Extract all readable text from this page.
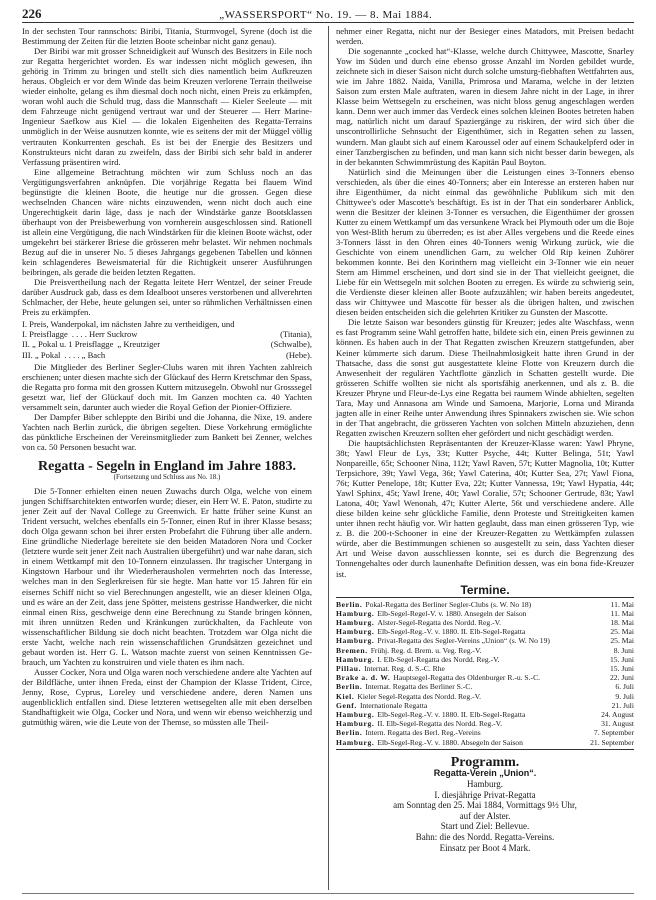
226	„WASSERSPORT“ No. 19. — 8. Mai 1884.

In der sechsten Tour rannschots: Biribi, Titania, Sturmvogel, Syrene (doch ist die Bestimmung der Zeiten für die letzten Boote scheinbar nicht ganz genau).

Der Biribi war mit grosser Schneidigkeit auf Wunsch des Besitzers in Eile noch zur Regatta hergerichtet worden. Es war indessen nicht möglich gewesen, ihn gehörig in Trimm zu bringen und stellt sich dies namentlich beim Aufkreuzen heraus. Obgleich er vor dem Winde das beim Kreuzen verlorene Terrain theilweise wieder einholte, gelang es ihm diesmal doch noch nicht, einen Preis zu erkämpfen, woran wohl auch die Schuld trug, dass die Mannschaft — Kieler Seeleute — mit dem Fahrzeuge nicht genügend vertraut war und der Steuerer — Herr Marine-Ingenieur Saefkow aus Kiel — die lokalen Eigenheiten des Regatta-Terrains unmöglich in der Weise ausnutzen konnte, wie es seitens der mit der Müggel völlig vertrauten Konkurrenten geschah. Es ist bei der Energie des Besitzers und Konstrukteurs nicht daran zu zweifeln, dass der Biribi sich sehr bald in anderer Verfassung präsentiren wird.

Eine allgemeine Betrachtung möchten wir zum Schluss noch an das Vergütigungsverfahren anknüpfen. Die vorjährige Regatta bei flauem Wind begünstigte die kleinen Boote, die heutige nur die grossen. Gegen diese wechselnden Chancen wäre nichts einzuwenden, wenn nicht doch auch eine Ungerechtigkeit darin läge, dass je nach der Windstärke ganze Bootsklassen überhaupt von der Preisbewerbung von vornherein ausgeschlossen sind. Rationell ist allein eine Vergütigung, die nach Windstärken für die kleinen Boote wächst, oder umgekehrt bei stärkerer Briese die grösseren mehr belastet. Wir nehmen nochmals Bezug auf die in unserer No. 5 dieses Jahrgangs gegebenen Tabellen und können kein schlagenderes Beweismaterial für die Richtigkeit unserer Ausführungen beibringen, als gerade die beiden letzten Regatten.

Die Preisvertheilung nach der Regatta leitete Herr Wentzel, der seiner Freude darüber Ausdruck gab, dass es dem Idealboot unseres verstorbenen und allverehrten Schlmacher, der Hebe, heute gelungen sei, unter so rühmlichen Verhältnissen einen Preis zu erkämpfen.

I. Preis, Wanderpokal, im nächsten Jahre zu vertheidigen, und
I. Preisflagge . . . . Herr Suckrow	(Titania),
II. „ Pokal u. 1 Preisflagge „ Kreutziger	(Schwalbe),
III. „ Pokal . . . . „ Bach	(Hebe).

Die Mitglieder des Berliner Segler-Clubs waren mit ihren Yachten zahlreich erschienen; unter diesen machte sich der Glückauf des Herrn Kretschmar den Spass, die Regatta pro forma mit den grossen Kuttern mitzusegeln. Obwohl nur Grosssegel gesetzt war, lief der Glückauf doch mit. Im Ganzen mochten ca. 40 Yachten versammelt sein, darunter auch wieder die Royal Gefion der Pionier-Offiziere.

Der Dampfer Biber schleppte den Biribi und die Johanna, die Nixe, 19. andere Yachten nach Berlin zurück, die übrigen segelten. Diese Vorkehrung ermöglichte das pünktliche Erscheinen der Vereinsmitglieder zum Bankett bei Zenner, welches von ca. 50 Personen besucht war.

Regatta - Segeln in England im Jahre 1883.
(Fortsetzung und Schluss aus No. 18.)

Die 5-Tonner erhielten einen neuen Zuwachs durch Olga, welche von einem jungen Schiffsarchitekten entworfen wurde; dieser, ein Herr W. E. Paton, studirte zu jener Zeit auf der Naval College zu Greenwich. Er hatte früher seine Kunst an Trident versucht, welches ebenfalls ein 5-Tonner, einen Ruf in ihrer Klasse besass; doch Olga gewann schon bei ihrer ersten Probefahrt die Führung über alle andern. Eine gründliche Niederlage bereitete sie den beiden Matadoren Nora und Cocker (letztere wurde seit jener Zeit nach Australien übergeführt) und war nahe daran, sich in einem Wettkampf mit den 10-Tonnern einzulassen. Ihr tragischer Untergang in Kingstown Harbour und ihr Wiederherausholen vermehrten noch das Interesse, welches man in den Seglerkreisen für sie hegte. Man hatte vor 15 Jahren für ein eisernes Schiff nicht so viel Berechnungen angestellt, wie an dieser kleinen Olga, und es wäre an der Zeit, dass jene Spötter, meistens gestrisse Handwerker, die nicht einmal einen Riss, geschweige denn eine Berechnung zu Stande bringen können, mit ihren unnützen Reden und Kränkungen zurückhalten, da Fachleute von wissenschaftlicher Bildung sie doch nicht beachten. Trotzdem war Olga nicht die erste Yacht, welche nach rein wissenschaftlichen Grundsätzen gezeichnet und gebaut worden ist. Herr G. L. Watson machte zuerst von seinen Kenntnissen Gebrauch, um Yachten zu konstruiren und viele thaten es ihm nach.

Ausser Cocker, Nora und Olga waren noch verschiedene andere alte Yachten auf der Bildfläche, unter ihnen Freda, einst der Champion der Klasse Trident, Circe, Jenny, Rose, Cyprus, Loreley und verschiedene andere, deren Namen uns augenblicklich entfallen sind. Diese letzteren wettsegelten alle mit eben derselben Standhaftigkeit wie Olga, Cocker und Nora, und wenn wir ebenso weichherzig und gutmüthig wären, wie die Leute von der Themse, so müssten alle Theil-

nehmer einer Regatta, nicht nur der Besieger eines Matadors, mit Preisen bedacht werden.

Die sogenannte „cocked hat“-Klasse, welche durch Chittywee, Mascotte, Snarley Yow im Süden und durch eine ebenso grosse Anzahl im Norden gebildet wurde, zeichnete sich in dieser Saison nicht durch solche umsturg-fiebhaften Wettfahrten aus, wie im Jahre 1882. Naida, Vanilla, Primrosa und Marama, welche in der letzten Saison zum ersten Male auftraten, waren in diesem Jahre nicht in der Lage, in ihrer Klasse beim Wettsegeln zu erscheinen, was nicht bloss genug angeschlagen werden kann. Denn wer auch immer das Verdeck eines solchen kleinen Bootes betreten haben mag, natürlich nicht um darauf Spaziergänge zu riskiren, der wird sich über die unscontrollirliche Sehnsucht der Eigenthümer, sich in Regatten sehen zu lassen, wundern. Man glaubt sich auf einem Karoussel oder auf einem Schaukelpferd oder in einer Tanzbergischen zu befinden, und man kann sich nicht besser darin bewegen, als in der bekannten Schwimmrüstung des Kapitän Paul Boyton.

Natürlich sind die Meinungen über die Leistungen eines 3-Tonners ebenso verschieden, als über die eines 40-Tonners; aber ein Interesse an ersteren haben nur ihre Eigenthümer, da nicht einmal das gewöhnliche Publikum sich mit den Chittywee's oder Mascotte's beschäftigt. Es ist in der That ein sonderbarer Anblick, wenn die Besitzer der kleinen 3-Tonner es versuchen, die Eigenthümer der grossen Kutter zu einem Wettkampf um das versunkene Wrack bei Plymouth oder um die Boje von West-Blith herum zu überreden; es ist aber Alles vergebens und die Reede eines 3-Tonners lässt in den Ohren eines 40-Tonners wenig Wirkung zurück, wie die Geschichte von einem unendlichen Garn, zu welcher Old Rip keinen Zuhörer bekommen konnte. Bei den Korinthern mag vielleicht ein 3-Tonner wie ein neuer Stern am Himmel erscheinen, und dort sind sie in der That vielleicht geeignet, die Liebe für ein Wettsegeln mit solchen Booten zu erregen. Es würde zu schwierig sein, die Verdienste dieser kleinen aller Boote aufzuzählen; wir haben bereits angedeutet, dass wir Chittywee und Mascotte für besser als die übrigen halten, und zwischen diesen beiden entscheiden sich die gelehrten Kritiker zu Gunsten der Mascotte.

Die letzte Saison war besonders günstig für Kreuzer; jedes alte Waschfass, wenn es fast Programm seine Wahl getroffen hatte, bildete sich ein, einen Preis gewinnen zu können. Es haben auch in der That Regatten zwischen Kreuzern stattgefunden, aber Keiner kümmerte sich darum. Diese Theilnahmlosigkeit hatte ihren Grund in der Thatsache, dass die sonst gut ausgestattete kleine Flotte von Kreuzern durch die Anwesenheit der regulären Yachtflotte gänzlich in Schatten gestellt wurde. Die grösseren Schiffe wollten sie nicht als sportsfähig anerkennen, und als z. B. die Kreuzer Phryne und Fleur-de-Lys eine Regatta bei raumem Winde abhielten, segelten Tara, May und Annasona am Winde und Samoena, Marjorie, Lorna und Miranda jagten alle in einer Reihe unter Anwendung ihres Spinnakers zwischen sie. Wie schon in der That angebracht, die grösseren Yachten von solchen Mitteln abzuziehen, denn Regatten zwischen Kreuzern sollten eher gefördert und nicht geschädigt werden.

Die hauptsächlichsten Repräsentanten der Kreuzer-Klasse waren: Yawl Phryne, 38t; Yawl Fleur de Lys, 33t; Kutter Psyche, 44t; Kutter Belinga, 51t; Yawl Nonpareille, 65t; Schooner Nina, 112t; Yawl Raven, 57t; Kutter Magnolia, 10t; Kutter Terpsichore, 39t; Yawl Vega, 36t; Yawl Caterina, 40t; Kutter Sea, 27t; Yawl Fiona, 76t; Kutter Penelope, 18t; Kutter Eva, 22t; Kutter Vannessa, 19t; Yawl Hypatia, 44t; Yawl Sphinx, 45t; Yawl Irene, 40t; Yawl Coralie, 57t; Schooner Gertrude, 83t; Yawl Latona, 40t; Yawl Wenonah, 47t; Kutter Alerte, 56t und verschiedene andere. Alle diese bilden keine sehr glückliche Familie, denn Proteste und Streitigkeiten kamen unter ihnen recht häufig vor. Wir hatten geglaubt, dass man einen grösseren Typ, wie z. B. die 200-t-Schooner in eine der Kreuzer-Regatten zu Wettkämpfen zulassen würde, aber die Bestimmungen schienen so ausgestellt zu sein, dass Yachten dieser Art und Weise davon ausschliessen konnte, sei es durch die Begrenzung des Tonnengehaltes oder durch launenhafte Definition dessen, was ein bona fide-Kreuzer ist.

Termine.
Berlin. Pokal-Regatta des Berliner Segler-Clubs (s. W. No 18)	11. Mai
Hamburg. Elb-Segel-Regel-V. v. 1880. Ansegeln der Saison	11. Mai
Hamburg. Alster-Segel-Regatta des Nordd. Reg.-V.	18. Mai
Hamburg. Elb-Segel-Reg.-V. v. 1880. II. Elb-Segel-Regatta	25. Mai
Hamburg. Privat-Regatta des Segler-Vereins „Union“ (s. W. No 19)	25. Mai
Bremen. Frühj. Reg. d. Brem. u. Veg. Reg.-V.	8. Juni
Hamburg. I. Elb-Segel-Regatta des Nordd. Reg.-V.	15. Juni
Pillau. Internat. Reg. d. S.-C. Rhe	15. Juni
Brake a. d. W. Hauptsegel-Regatta des Oldenburger R.-u. S.-C.	22. Juni
Berlin. Internat. Regatta des Berliner S.-C.	6. Juli
Kiel. Kieler Segel-Regatta des Nordd. Reg.-V.	9. Juli
Genf. Internationale Regatta	21. Juli
Hamburg. Elb-Segel-Reg.-V. v. 1880. II. Elb-Segel-Regatta	24. August
Hamburg. II. Elb-Segel-Regatta des Nordd. Reg.-V.	31. August
Berlin. Intern. Regatta des Berl. Reg.-Vereins	7. September
Hamburg. Elb-Segel-Reg.-V. v. 1880. Absegeln der Saison	21. September
Programm.
Regatta-Verein „Union“.
Hamburg.
I. diesjährige Privat-Regatta
am Sonntag den 25. Mai 1884, Vormittags 9½ Uhr,
auf der Alster.
Start und Ziel: Bellevue.
Bahn: die des Nordd. Regatta-Vereins.
Einsatz per Boot 4 Mark.
